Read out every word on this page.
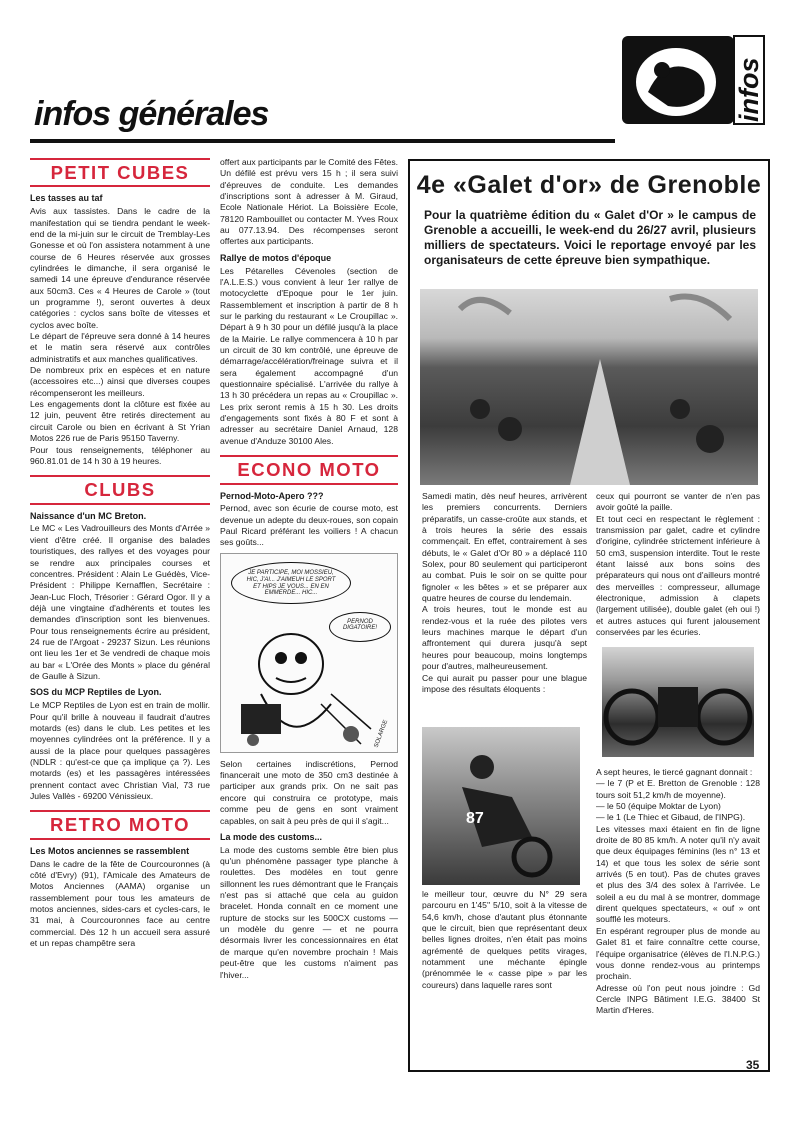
infos générales	infos
PETIT CUBES
Les tasses au taf

Avis aux tassistes. Dans le cadre de la manifestation qui se tiendra pendant le week-end de la mi-juin sur le circuit de Tremblay-Les Gonesse et où l'on assistera notamment à une course de 6 Heures réservée aux grosses cylindrées le dimanche, il sera organisé le samedi 14 une épreuve d'endurance réservée aux 50cm3. Ces « 4 Heures de Carole » (tout un programme !), seront ouvertes à deux catégories : cyclos sans boîte de vitesses et cyclos avec boîte.

Le départ de l'épreuve sera donné à 14 heures et le matin sera réservé aux contrôles administratifs et aux manches qualificatives.

De nombreux prix en espèces et en nature (accessoires etc...) ainsi que diverses coupes récompenseront les meilleurs.

Les engagements dont la clôture est fixée au 12 juin, peuvent être retirés directement au circuit Carole ou bien en écrivant à St Yrian Motos 226 rue de Paris 95150 Taverny.

Pour tous renseignements, téléphoner au 960.81.01 de 14 h 30 à 19 heures.

CLUBS
Naissance d'un MC Breton.

Le MC « Les Vadrouilleurs des Monts d'Arrée » vient d'être créé. Il organise des balades touristiques, des rallyes et des voyages pour se rendre aux principales courses et concentres. Président : Alain Le Guédès, Vice-Président : Philippe Kernafflen, Secrétaire : Jean-Luc Floch, Trésorier : Gérard Ogor. Il y a déjà une vingtaine d'adhérents et toutes les demandes d'inscription sont les bienvenues. Pour tous renseignements écrire au président, 24 rue de l'Argoat - 29237 Sizun. Les réunions ont lieu les 1er et 3e vendredi de chaque mois au bar « L'Orée des Monts » place du général de Gaulle à Sizun.

SOS du MCP Reptiles de Lyon.

Le MCP Reptiles de Lyon est en train de mollir. Pour qu'il brille à nouveau il faudrait d'autres motards (es) dans le club. Les petites et les moyennes cylindrées ont la préférence. Il y a aussi de la place pour quelques passagères (NDLR : qu'est-ce que ça implique ça ?). Les motards (es) et les passagères intéressées prennent contact avec Christian Vial, 73 rue Jules Vallès - 69200 Vénissieux.

RETRO MOTO
Les Motos anciennes se rassemblent

Dans le cadre de la fête de Courcouronnes (à côté d'Evry) (91), l'Amicale des Amateurs de Motos Anciennes (AAMA) organise un rassemblement pour tous les amateurs de motos anciennes, sides-cars et cycles-cars, le 31 mai, à Courcouronnes face au centre commercial. Dès 12 h un accueil sera assuré et un repas champêtre sera

offert aux participants par le Comité des Fêtes. Un défilé est prévu vers 15 h ; il sera suivi d'épreuves de conduite. Les demandes d'inscriptions sont à adresser à M. Giraud, Ecole Nationale Hériot. La Boissière Ecole, 78120 Rambouillet ou contacter M. Yves Roux au 077.13.94. Des récompenses seront offertes aux participants.

Rallye de motos d'époque

Les Pétarelles Cévenoles (section de l'A.L.E.S.) vous convient à leur 1er rallye de motocyclette d'Epoque pour le 1er juin. Rassemblement et inscription à partir de 8 h sur le parking du restaurant « Le Croupillac ». Départ à 9 h 30 pour un défilé jusqu'à la place de la Mairie. Le rallye commencera à 10 h par un circuit de 30 km contrôlé, une épreuve de démarrage/accélération/freinage suivra et il sera également accompagné d'un questionnaire spécialisé. L'arrivée du rallye à 13 h 30 précédera un repas au « Croupillac ». Les prix seront remis à 15 h 30. Les droits d'engagements sont fixés à 80 F et sont à adresser au secrétaire Daniel Arnaud, 128 avenue d'Anduze 30100 Ales.

ECONO MOTO
Pernod-Moto-Apero ???

Pernod, avec son écurie de course moto, est devenue un adepte du deux-roues, son copain Paul Ricard préférant les voiliers ! A chacun ses goûts...

JE PARTICIPE, MOI MOSSIEU, HIC, J'AI... J'AIMEUH LE SPORT ET HIPS JE VOUS... EN EN EMMERDE... HIC...
PERNOD DIGATOIRE!
SOLARGE

Selon certaines indiscrétions, Pernod financerait une moto de 350 cm3 destinée à participer aux grands prix. On ne sait pas encore qui construira ce prototype, mais comme peu de gens en sont vraiment capables, on sait à peu près de qui il s'agit...

La mode des customs...

La mode des customs semble être bien plus qu'un phénomène passager type planche à roulettes. Des modèles en tout genre sillonnent les rues démontrant que le Français n'est pas si attaché que cela au guidon bracelet. Honda connaît en ce moment une rupture de stocks sur les 500CX customs — un modèle du genre — et ne pourra désormais livrer les concessionnaires en état de marque qu'en novembre prochain ! Mais peut-être que les customs n'aiment pas l'hiver...

4e «Galet d'or» de Grenoble
Pour la quatrième édition du « Galet d'Or » le campus de Grenoble a accueilli, le week-end du 26/27 avril, plusieurs milliers de spectateurs. Voici le reportage envoyé par les organisateurs de cette épreuve bien sympathique.

Samedi matin, dès neuf heures, arrivèrent les premiers concurrents. Derniers préparatifs, un casse-croûte aux stands, et à trois heures la série des essais commençait. En effet, contrairement à ses débuts, le « Galet d'Or 80 » a déplacé 110 Solex, pour 80 seulement qui participeront au combat. Puis le soir on se quitte pour fignoler « les bêtes » et se préparer aux quatre heures de course du lendemain.

A trois heures, tout le monde est au rendez-vous et la ruée des pilotes vers leurs machines marque le départ d'un affrontement qui durera jusqu'à sept heures pour beaucoup, moins longtemps pour d'autres, malheureusement.

Ce qui aurait pu passer pour une blague impose des résultats éloquents :

87

le meilleur tour, œuvre du N° 29 sera parcouru en 1'45'' 5/10, soit à la vitesse de 54,6 km/h, chose d'autant plus étonnante que le circuit, bien que représentant deux belles lignes droites, n'en était pas moins agrémenté de quelques petits virages, notamment une méchante épingle (prénommée le « casse pipe » par les coureurs) dans laquelle rares sont

ceux qui pourront se vanter de n'en pas avoir goûté la paille.

Et tout ceci en respectant le règlement : transmission par galet, cadre et cylindre d'origine, cylindrée strictement inférieure à 50 cm3, suspension interdite. Tout le reste étant laissé aux bons soins des préparateurs qui nous ont d'ailleurs montré des merveilles : compresseur, allumage électronique, admission à clapets (largement utilisée), double galet (eh oui !) et autres astuces qui furent jalousement conservées par les écuries.

A sept heures, le tiercé gagnant donnait :

— le 7 (P et E. Bretton de Grenoble : 128 tours soit 51,2 km/h de moyenne).

— le 50 (équipe Moktar de Lyon)

— le 1 (Le Thiec et Gibaud, de l'INPG).

Les vitesses maxi étaient en fin de ligne droite de 80 85 km/h. A noter qu'il n'y avait que deux équipages féminins (les n° 13 et 14) et que tous les solex de série sont arrivés (5 en tout). Pas de chutes graves et plus des 3/4 des solex à l'arrivée. Le soleil a eu du mal à se montrer, dommage dirent quelques spectateurs, « ouf » ont soufflé les moteurs.

En espérant regrouper plus de monde au Galet 81 et faire connaître cette course, l'équipe organisatrice (élèves de l'I.N.P.G.) vous donne rendez-vous au printemps prochain.

Adresse où l'on peut nous joindre : Gd Cercle INPG Bâtiment I.E.G. 38400 St Martin d'Heres.

35
